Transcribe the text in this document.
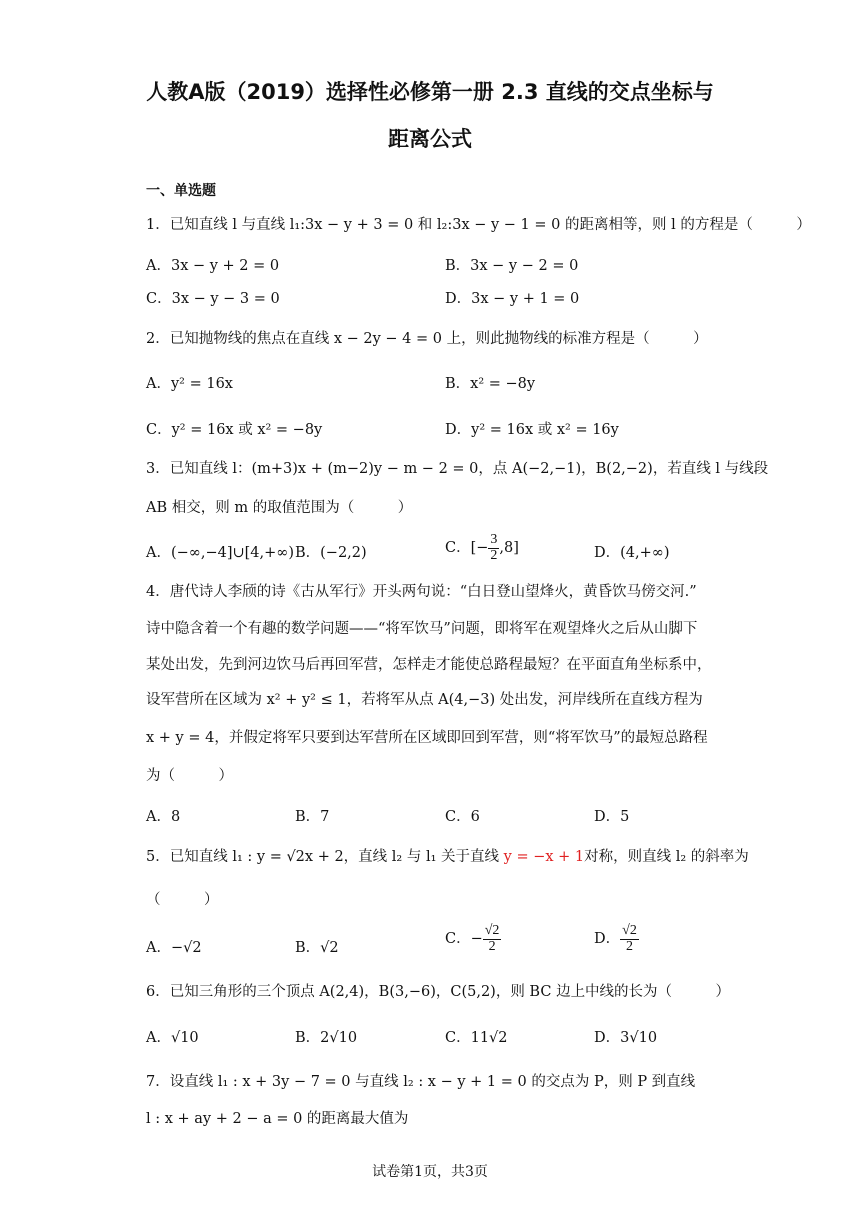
人教A版（2019）选择性必修第一册 2.3 直线的交点坐标与
距离公式
一、单选题
1．已知直线 l 与直线 l₁:3x − y + 3 = 0 和 l₂:3x − y − 1 = 0 的距离相等，则 l 的方程是（　　　）
A．3x − y + 2 = 0	B．3x − y − 2 = 0
C．3x − y − 3 = 0	D．3x − y + 1 = 0
2．已知抛物线的焦点在直线 x − 2y − 4 = 0 上，则此抛物线的标准方程是（　　　）
A．y² = 16x	B．x² = −8y
C．y² = 16x 或 x² = −8y	D．y² = 16x 或 x² = 16y
3．已知直线 l：(m+3)x + (m−2)y − m − 2 = 0，点 A(−2,−1)，B(2,−2)，若直线 l 与线段
AB 相交，则 m 的取值范围为（　　　）
A．(−∞,−4]∪[4,+∞) B．(−2,2)	C．[− $\frac{3}{2} ,8$]	D．(4,+∞)
4．唐代诗人李颀的诗《古从军行》开头两句说：“白日登山望烽火，黄昏饮马傍交河.”
诗中隐含着一个有趣的数学问题——“将军饮马”问题，即将军在观望烽火之后从山脚下
某处出发，先到河边饮马后再回军营，怎样走才能使总路程最短？在平面直角坐标系中，
设军营所在区域为 x² + y² ≤ 1，若将军从点 A(4,−3) 处出发，河岸线所在直线方程为
x + y = 4，并假定将军只要到达军营所在区域即回到军营，则“将军饮马”的最短总路程
为（　　　）
A．8	B．7	C．6	D．5
5．已知直线 l₁ : y = √2x + 2，直线 l₂ 与 l₁ 关于直线 y = −x + 1对称，则直线 l₂ 的斜率为
（　　　）
A．−√2	B．√2
C．− $\frac{√2}{2}$	D． $\frac{√2}{2}$
6．已知三角形的三个顶点 A(2,4)，B(3,−6)，C(5,2)，则 BC 边上中线的长为（　　　）
A．√10	B．2√10	C．11√2	D．3√10
7．设直线 l₁ : x + 3y − 7 = 0 与直线 l₂ : x − y + 1 = 0 的交点为 P，则 P 到直线
l : x + ay + 2 − a = 0 的距离最大值为
试卷第1页，共3页
